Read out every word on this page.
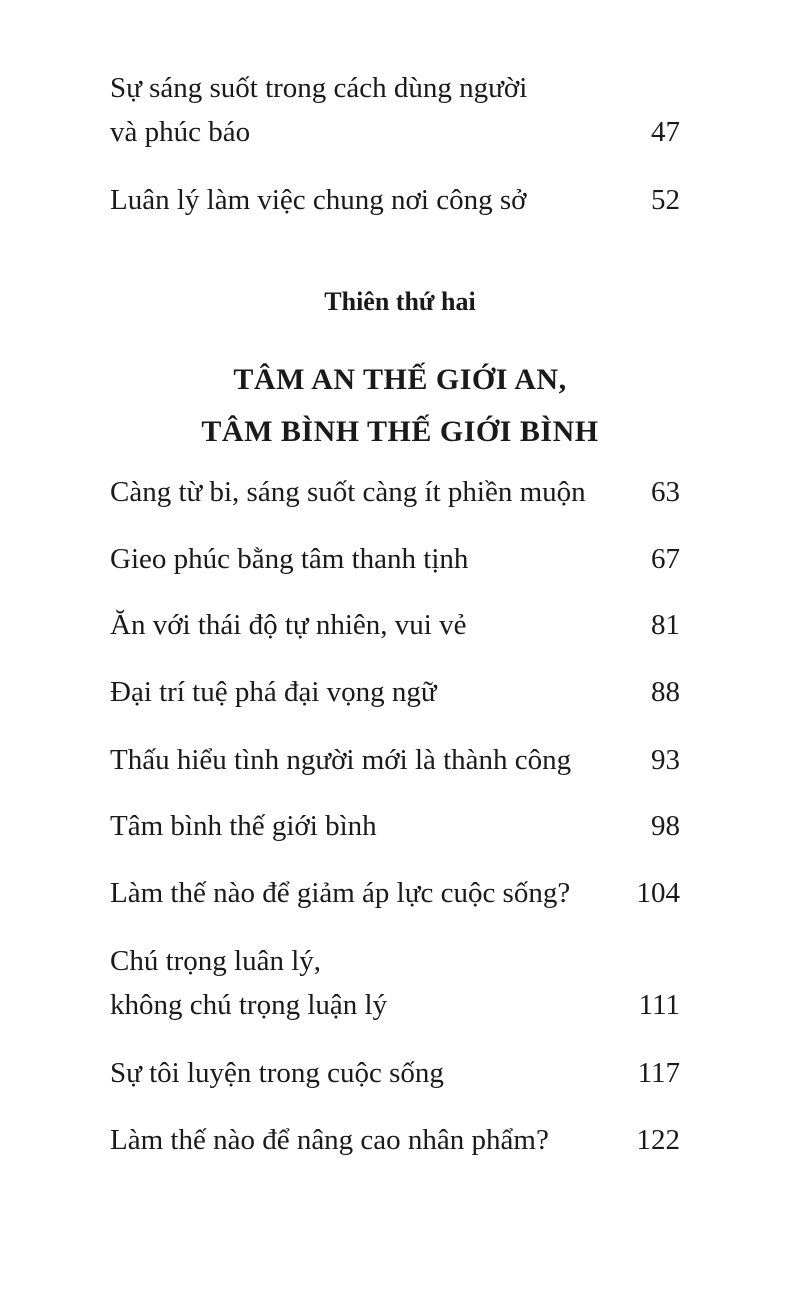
Sự sáng suốt trong cách dùng người
và phúc báo	47
Luân lý làm việc chung nơi công sở	52
Thiên thứ hai
TÂM AN THẾ GIỚI AN,
TÂM BÌNH THẾ GIỚI BÌNH
Càng từ bi, sáng suốt càng ít phiền muộn	63
Gieo phúc bằng tâm thanh tịnh	67
Ăn với thái độ tự nhiên, vui vẻ	81
Đại trí tuệ phá đại vọng ngữ	88
Thấu hiểu tình người mới là thành công	93
Tâm bình thế giới bình	98
Làm thế nào để giảm áp lực cuộc sống?	104
Chú trọng luân lý,
không chú trọng luận lý	111
Sự tôi luyện trong cuộc sống	117
Làm thế nào để nâng cao nhân phẩm?	122
